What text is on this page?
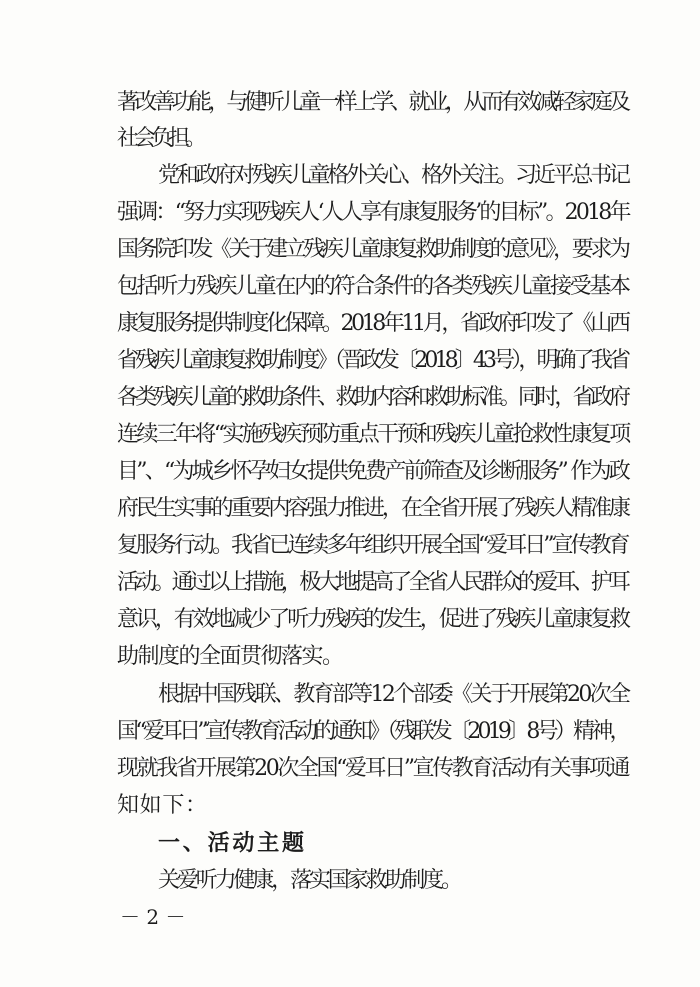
著改善功能，与健听儿童一样上学、就业，从而有效减轻家庭及
社会负担。
党和政府对残疾儿童格外关心、格外关注。习近平总书记
强调：“努力实现残疾人‘人人享有康复服务’的目标”。2018年
国务院印发《关于建立残疾儿童康复救助制度的意见》，要求为
包括听力残疾儿童在内的符合条件的各类残疾儿童接受基本
康复服务提供制度化保障。2018年11月，省政府印发了《山西
省残疾儿童康复救助制度》（晋政发〔2018〕43号），明确了我省
各类残疾儿童的救助条件、救助内容和救助标准。同时，省政府
连续三年将“实施残疾预防重点干预和残疾儿童抢救性康复项
目”、“为城乡怀孕妇女提供免费产前筛查及诊断服务” 作为政
府民生实事的重要内容强力推进，在全省开展了残疾人精准康
复服务行动。我省已连续多年组织开展全国“爱耳日”宣传教育
活动。通过以上措施，极大地提高了全省人民群众的爱耳、护耳
意识，有效地减少了听力残疾的发生，促进了残疾儿童康复救
助制度的全面贯彻落实。
根据中国残联、教育部等12个部委《关于开展第20次全
国“爱耳日”宣传教育活动的通知》（残联发〔2019〕8号）精神，
现就我省开展第20次全国“爱耳日”宣传教育活动有关事项通
知如下：
一、活动主题
关爱听力健康，落实国家救助制度。
－ 2 －
